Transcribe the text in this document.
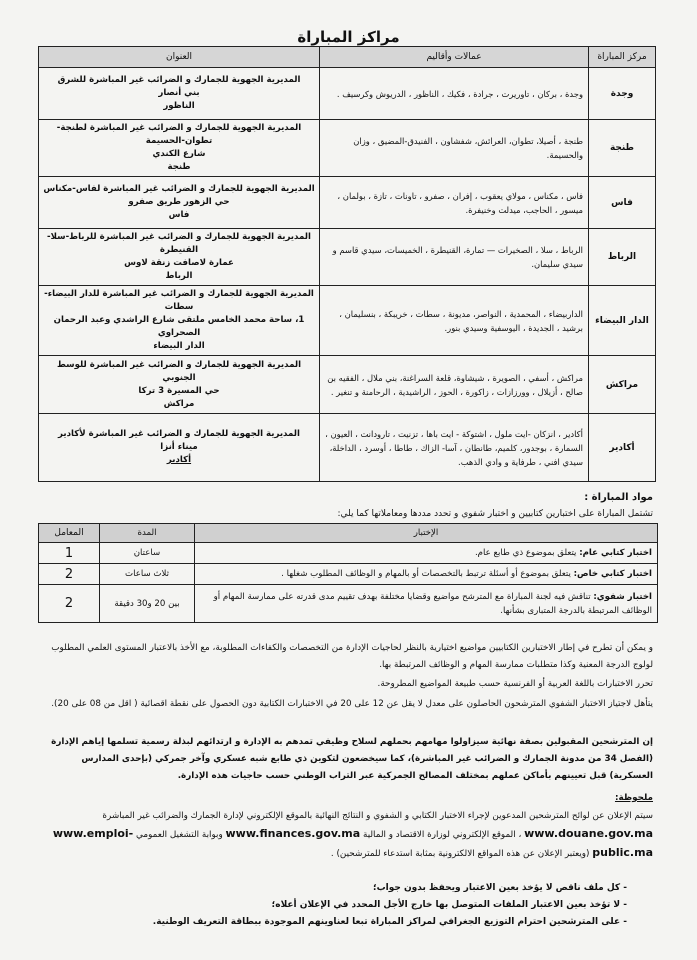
مراكز المباراة
مركز المباراة	عمالات وأقاليم	العنوان
وجدة	وجدة ، بركان ، تاوريرت ، جرادة ، فكيك ، الناظور ، الدريوش وكرسيف .	المديرية الجهوية للجمارك و الضرائب غير المباشرة للشرق
بني أنصار
الناظور

طنجة	طنجة ، أصيلا، تطوان، العرائش، شفشاون ، الفنيدق-المضيق ، وزان والحسيمة.	المديرية الجهوية للجمارك و الضرائب غير المباشرة لطنجة-تطوان-الحسيمة
شارع الكندي
طنجة

فاس	فاس ، مكناس ، مولاي يعقوب ، إفران ، صفرو ، تاونات ، تازة ، بولمان ، ميسور ، الحاجب، ميدلت وخنيفرة.	المديرية الجهوية للجمارك و الضرائب غير المباشرة لفاس-مكناس
حي الزهور طريق صفرو
فاس

الرباط	الرباط ، سلا ، الصخيرات — تمارة، القنيطرة ، الخميسات، سيدي قاسم و سيدي سليمان.	المديرية الجهوية للجمارك و الضرائب غير المباشرة للرباط-سلا-القنيطرة
عمارة لاصافت زنقة لاوس
الرباط

الدار البيضاء	الداربيضاء ، المحمدية ، النواصر، مديونة ، سطات ، خريبكة ، بنسليمان ، برشيد ، الجديدة ، اليوسفية وسيدي بنور.	المديرية الجهوية للجمارك و الضرائب غير المباشرة للدار البيضاء-سطات
1، ساحة محمد الخامس ملتقى شارع الراشدي وعبد الرحمان الصحراوي
الدار البيضاء

مراكش	مراكش ، أسفي ، الصويرة ، شيشاوة، قلعة السراغنة، بني ملال ، الفقيه بن صالح ، أزيلال ، وورزازات ، زاكورة ، الحوز ، الراشيدية ، الرحامنة و تنغير .	المديرية الجهوية للجمارك و الضرائب غير المباشرة للوسط الجنوبي
حي المسيرة 3 تركا
مراكش

أكادير	أكادير ، انزكان -ايت ملول ، اشتوكة - ايت باها ، تزنيت ، تارودانت ، العيون ، السمارة ، بوجدور، كلميم، طانطان ، آسا- الزاك ، طاطا ، أوسرد ، الداخلة، سيدي افني ، طرفاية و وادي الذهب.	المديرية الجهوية للجمارك و الضرائب غير المباشرة لأكادير
ميناء أنزا
أكادير
مواد المباراة :
تشتمل المباراة على اختبارين كتابيين و اختبار شفوي و تحدد مددها ومعاملاتها كما يلي:
الإختبار	المدة	المعامل
اختبار كتابي عام: يتعلق بموضوع ذي طابع عام.	ساعتان	1
اختبار كتابي خاص: يتعلق بموضوع أو أسئلة ترتبط بالتخصصات أو بالمهام و الوظائف المطلوب شغلها .	ثلاث ساعات	2
اختبار شفوي: تناقش فيه لجنة المباراة مع المترشح مواضيع وقضايا مختلفة بهدف تقييم مدى قدرته على ممارسة المهام أو الوظائف المرتبطة بالدرجة المتبارى بشأنها.	بين 20 و30 دقيقة	2
و يمكن أن تطرح في إطار الاختبارين الكتابيين مواضيع اختيارية بالنظر لحاجيات الإدارة من التخصصات والكفاءات المطلوبة، مع الأخذ بالاعتبار المستوى العلمي المطلوب لولوج الدرجة المعنية وكذا متطلبات ممارسة المهام و الوظائف المرتبطة بها.
تحرر الاختبارات باللغة العربية أو الفرنسية حسب طبيعة المواضيع المطروحة.
يتأهل لاجتياز الاختبار الشفوي المترشحون الحاصلون على معدل لا يقل عن 12 على 20 في الاختبارات الكتابية دون الحصول على نقطة اقصائية ( اقل من 08 على 20).
إن المترشحين المقبولين بصفة نهائية سيزاولوا مهامهم بحملهم لسلاح وظيفي تمدهم به الإدارة و ارتدائهم لبذلة رسمية تسلمها إياهم الإدارة (الفصل 34 من مدونة الجمارك و الضرائب غير المباشرة)، كما سيخضعون لتكوين ذي طابع شبه عسكري وآخر جمركي (بإحدى المدارس العسكرية) قبل تعيينهم بأماكن عملهم بمختلف المصالح الجمركية عبر التراب الوطني حسب حاجيات هذه الإدارة.
ملحوظة:
سيتم الإعلان عن لوائح المترشحين المدعوين لإجراء الاختبار الكتابي و الشفوي و النتائج النهائية بالموقع الإلكتروني لإدارة الجمارك والضرائب غير المباشرة www.douane.gov.ma ، الموقع الإلكتروني لوزارة الاقتصاد و المالية www.finances.gov.ma وبوابة التشغيل العمومي www.emploi-public.ma (ويعتبر الإعلان عن هذه المواقع الالكترونية بمثابة استدعاء للمترشحين) .
- كل ملف ناقص لا يؤخذ بعين الاعتبار ويحفظ بدون جواب؛
- لا تؤخذ بعين الاعتبار الملفات المتوصل بها خارج الأجل المحدد في الإعلان أعلاه؛
- على المترشحين احترام التوزيع الجغرافي لمراكز المباراة تبعا لعناوينهم الموجودة ببطاقة التعريف الوطنية.
